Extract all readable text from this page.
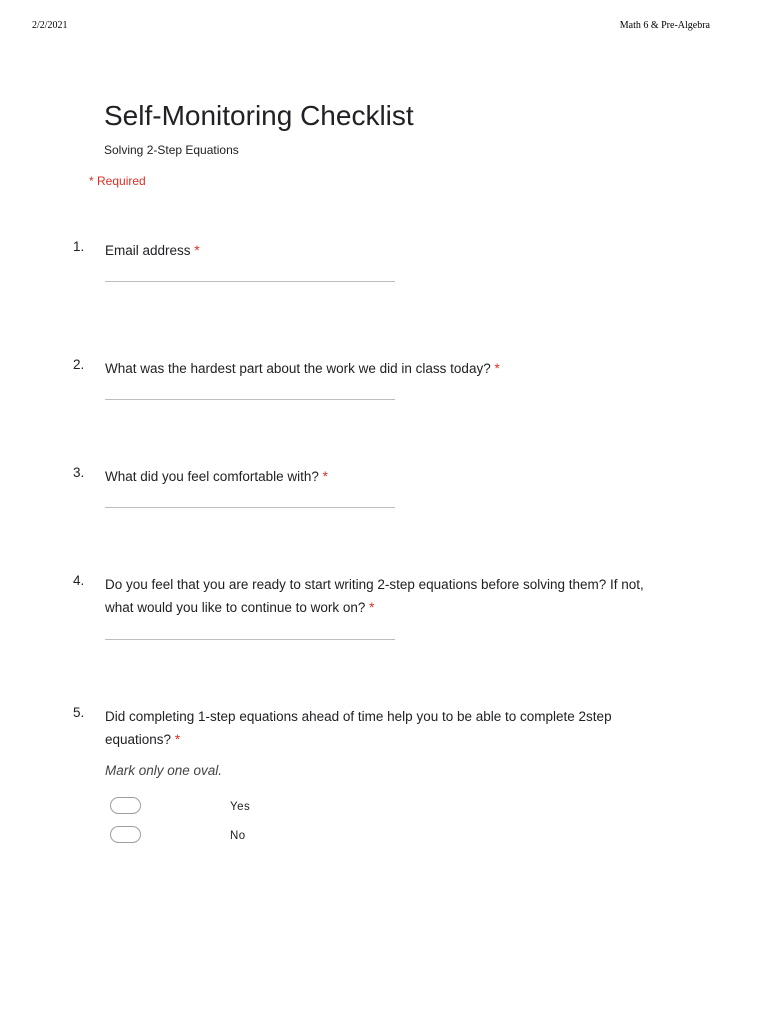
2/2/2021	Math 6 & Pre-Algebra
Self-Monitoring Checklist
Solving 2-Step Equations
* Required
1. Email address *
2. What was the hardest part about the work we did in class today? *
3. What did you feel comfortable with? *
4. Do you feel that you are ready to start writing 2-step equations before solving them? If not, what would you like to continue to work on? *
5. Did completing 1-step equations ahead of time help you to be able to complete 2step equations? *
Mark only one oval.
Yes
No
